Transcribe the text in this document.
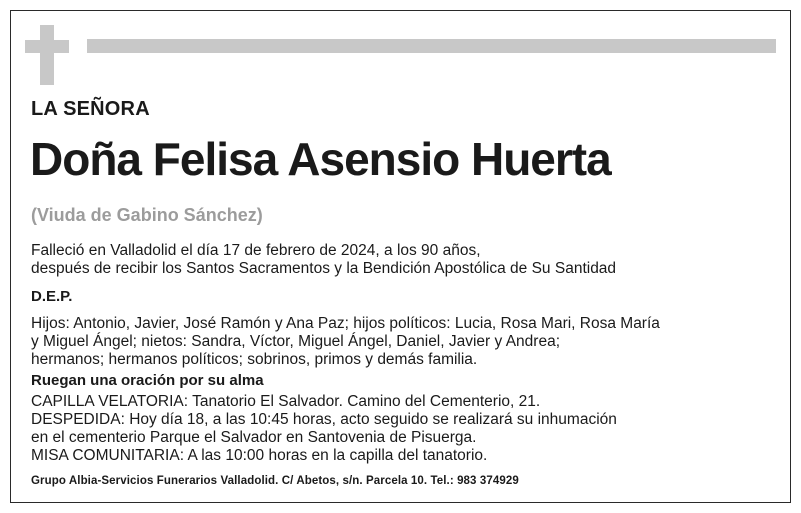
LA SEÑORA
Doña Felisa Asensio Huerta
(Viuda de Gabino Sánchez)
Falleció en Valladolid el día 17 de febrero de 2024, a los 90 años,
después de recibir los Santos Sacramentos y la Bendición Apostólica de Su Santidad
D.E.P.
Hijos: Antonio, Javier, José Ramón y Ana Paz; hijos políticos: Lucia, Rosa Mari, Rosa María
y Miguel Ángel; nietos: Sandra, Víctor, Miguel Ángel, Daniel, Javier y Andrea;
hermanos; hermanos políticos; sobrinos, primos y demás familia.
Ruegan una oración por su alma
CAPILLA VELATORIA: Tanatorio El Salvador. Camino del Cementerio, 21.
DESPEDIDA: Hoy día 18, a las 10:45 horas, acto seguido se realizará su inhumación
en el cementerio Parque el Salvador en Santovenia de Pisuerga.
MISA COMUNITARIA: A las 10:00 horas en la capilla del tanatorio.
Grupo Albia-Servicios Funerarios Valladolid. C/ Abetos, s/n. Parcela 10. Tel.: 983 374929
